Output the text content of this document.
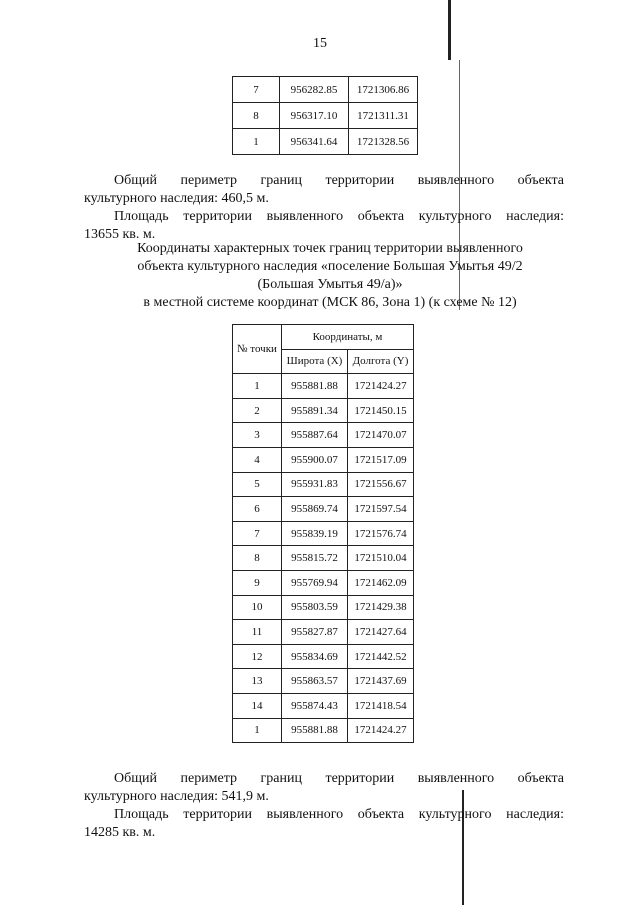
15
7	956282.85	1721306.86
8	956317.10	1721311.31
1	956341.64	1721328.56
Общий периметр границ территории выявленного объекта
культурного наследия: 460,5 м.
Площадь территории выявленного объекта культурного наследия:
13655 кв. м.
Координаты характерных точек границ территории выявленного
объекта культурного наследия «поселение Большая Умытья 49/2
(Большая Умытья 49/а)»
в местной системе координат (МСК 86, Зона 1) (к схеме № 12)
№ точки	Координаты, м	
	Широта (X)	Долгота (Y)
1	955881.88	1721424.27
2	955891.34	1721450.15
3	955887.64	1721470.07
4	955900.07	1721517.09
5	955931.83	1721556.67
6	955869.74	1721597.54
7	955839.19	1721576.74
8	955815.72	1721510.04
9	955769.94	1721462.09
10	955803.59	1721429.38
11	955827.87	1721427.64
12	955834.69	1721442.52
13	955863.57	1721437.69
14	955874.43	1721418.54
1	955881.88	1721424.27
Общий периметр границ территории выявленного объекта
культурного наследия: 541,9 м.
Площадь территории выявленного объекта культурного наследия:
14285 кв. м.
